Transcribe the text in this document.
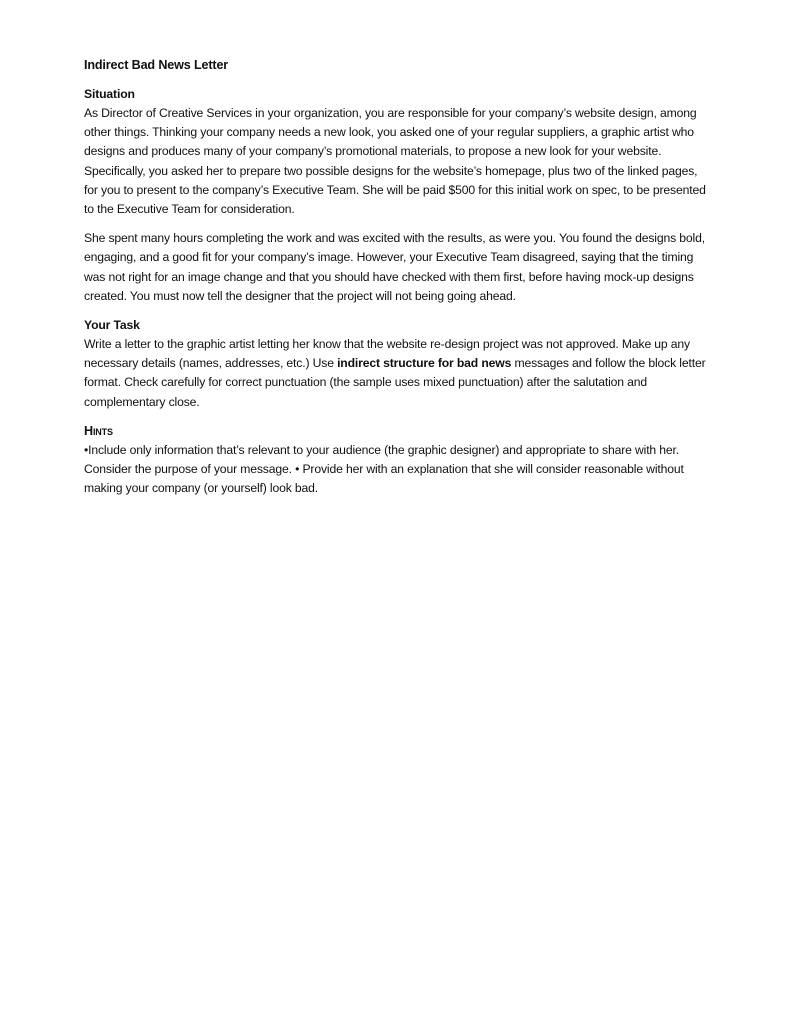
Indirect Bad News Letter
Situation

As Director of Creative Services in your organization, you are responsible for your company’s website design, among other things. Thinking your company needs a new look, you asked one of your regular suppliers, a graphic artist who designs and produces many of your company’s promotional materials, to propose a new look for your website. Specifically, you asked her to prepare two possible designs for the website’s homepage, plus two of the linked pages, for you to present to the company’s Executive Team. She will be paid $500 for this initial work on spec, to be presented to the Executive Team for consideration.

She spent many hours completing the work and was excited with the results, as were you. You found the designs bold, engaging, and a good fit for your company’s image. However, your Executive Team disagreed, saying that the timing was not right for an image change and that you should have checked with them first, before having mock-up designs created. You must now tell the designer that the project will not being going ahead.

Your Task

Write a letter to the graphic artist letting her know that the website re-design project was not approved. Make up any necessary details (names, addresses, etc.) Use indirect structure for bad news messages and follow the block letter format. Check carefully for correct punctuation (the sample uses mixed punctuation) after the salutation and complementary close.

Hints

•Include only information that’s relevant to your audience (the graphic designer) and appropriate to share with her. Consider the purpose of your message. • Provide her with an explanation that she will consider reasonable without making your company (or yourself) look bad.
